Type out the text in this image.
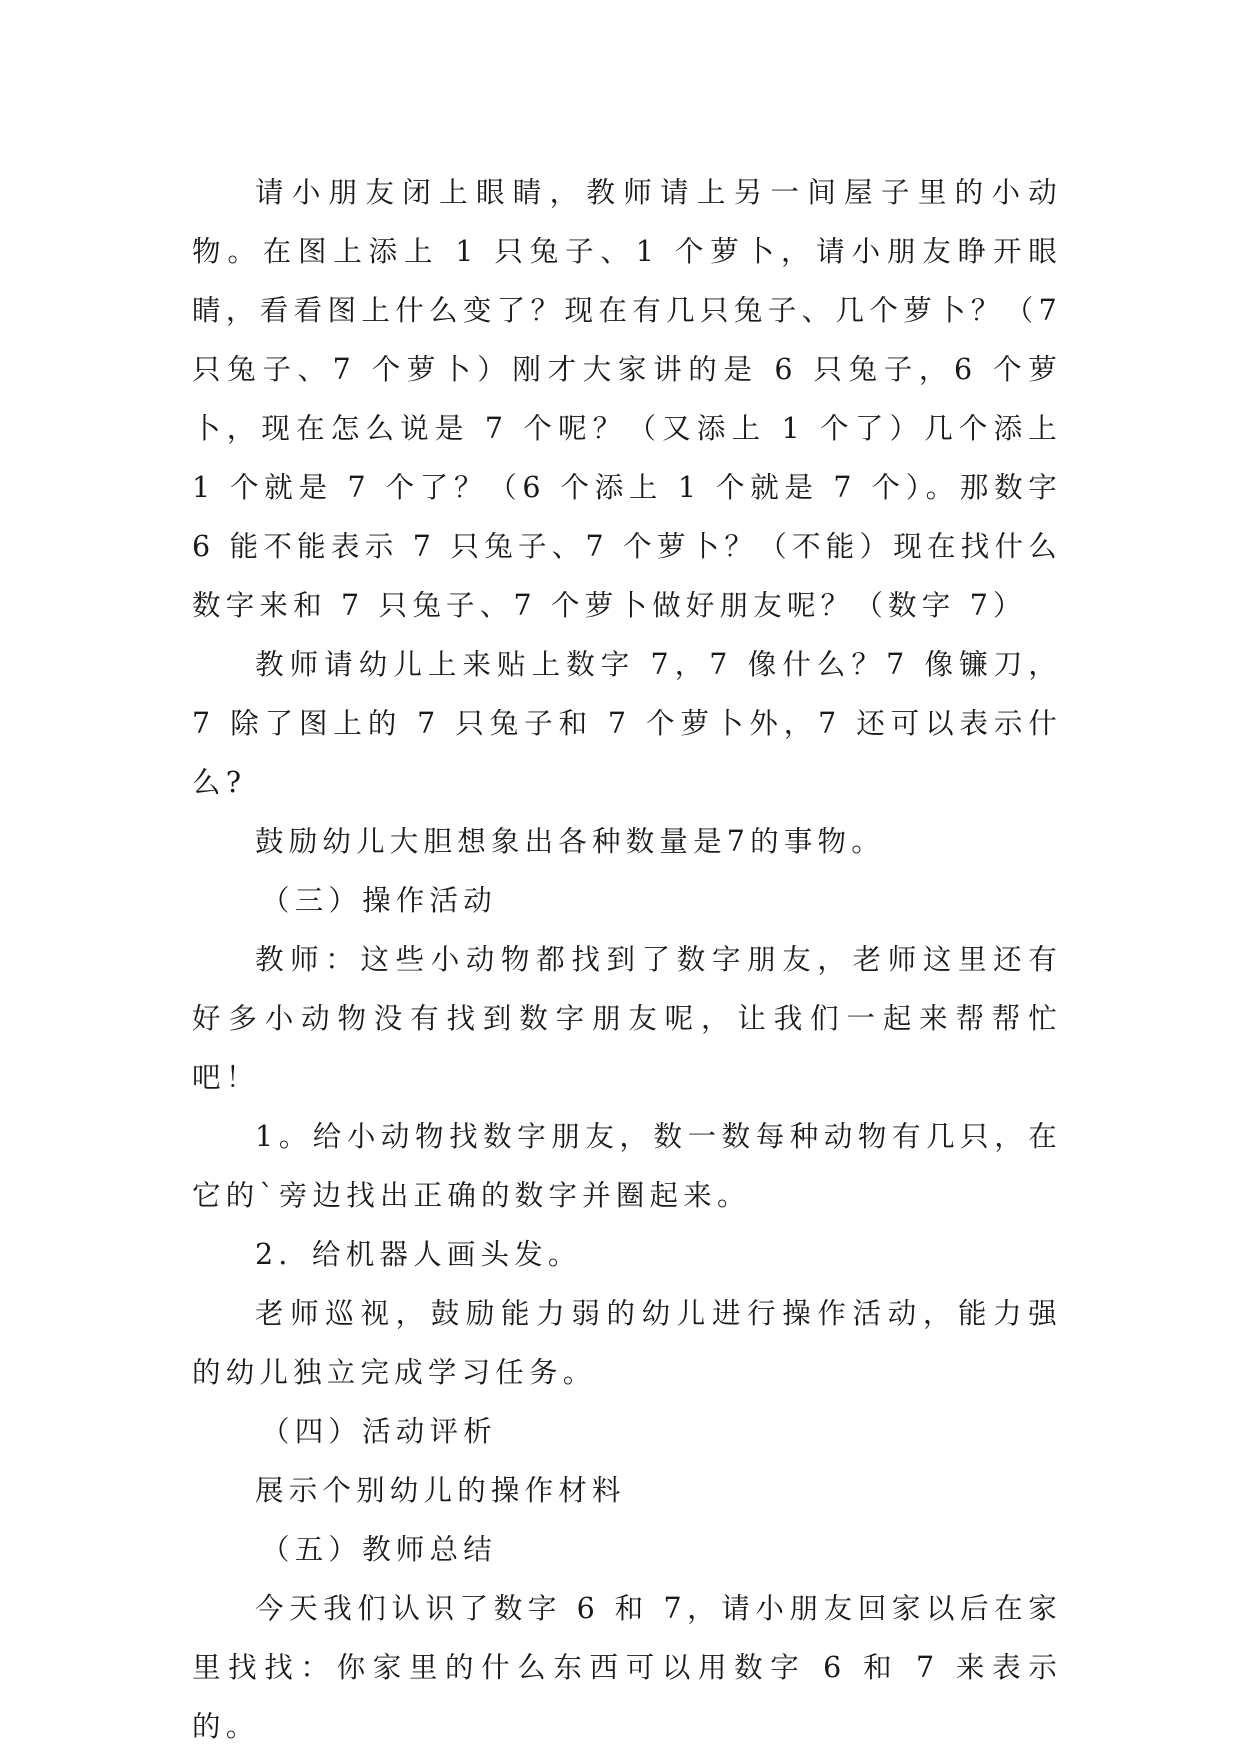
请小朋友闭上眼睛，教师请上另一间屋子里的小动物。在图上添上 1 只兔子、1 个萝卜，请小朋友睁开眼睛，看看图上什么变了？现在有几只兔子、几个萝卜？（7 只兔子、7 个萝卜）刚才大家讲的是 6 只兔子，6 个萝卜，现在怎么说是 7 个呢？（又添上 1 个了）几个添上 1 个就是 7 个了？（6 个添上 1 个就是 7 个）。那数字 6 能不能表示 7 只兔子、7 个萝卜？（不能）现在找什么数字来和 7 只兔子、7 个萝卜做好朋友呢？（数字 7）

教师请幼儿上来贴上数字 7，7 像什么？7 像镰刀，7 除了图上的 7 只兔子和 7 个萝卜外，7 还可以表示什么?

鼓励幼儿大胆想象出各种数量是7的事物。

（三）操作活动

教师：这些小动物都找到了数字朋友，老师这里还有好多小动物没有找到数字朋友呢，让我们一起来帮帮忙吧！

1。给小动物找数字朋友，数一数每种动物有几只，在它的`旁边找出正确的数字并圈起来。

2．给机器人画头发。

老师巡视，鼓励能力弱的幼儿进行操作活动，能力强的幼儿独立完成学习任务。

（四）活动评析

展示个别幼儿的操作材料

（五）教师总结

今天我们认识了数字 6 和 7，请小朋友回家以后在家里找找：你家里的什么东西可以用数字 6 和 7 来表示的。
